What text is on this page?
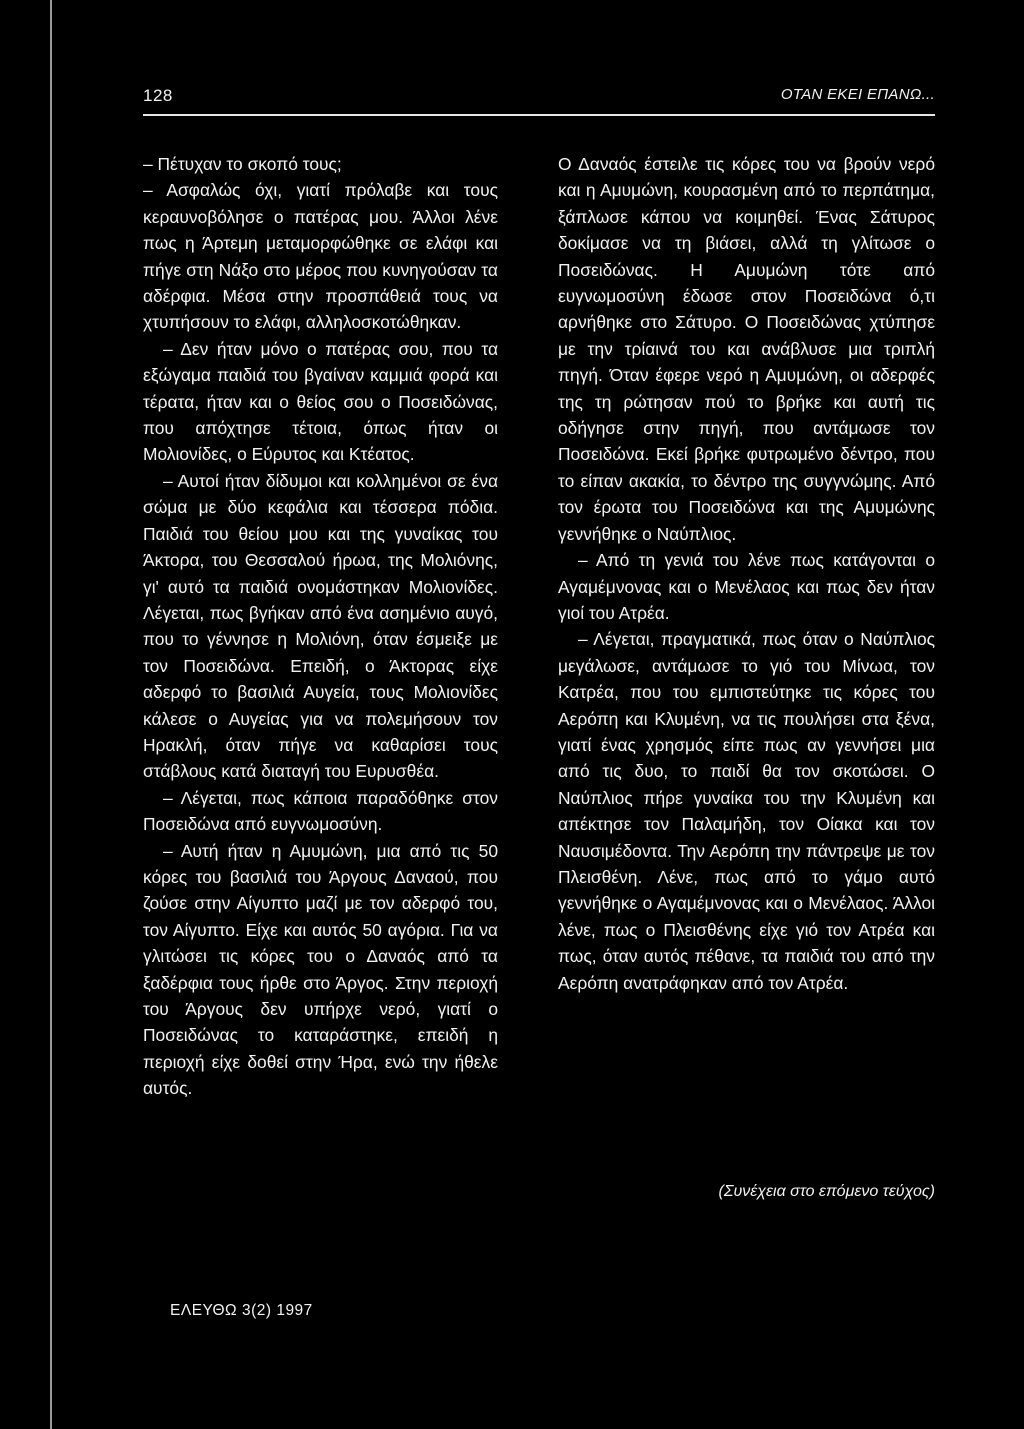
128	ΟΤΑΝ ΕΚΕΙ ΕΠΑΝΩ...

– Πέτυχαν το σκοπό τους;

– Ασφαλώς όχι, γιατί πρόλαβε και τους κεραυνοβόλησε ο πατέρας μου. Άλλοι λένε πως η Άρτεμη μεταμορφώθηκε σε ελάφι και πήγε στη Νάξο στο μέρος που κυνηγούσαν τα αδέρφια. Μέσα στην προσπάθειά τους να χτυπήσουν το ελάφι, αλληλοσκοτώθηκαν.

– Δεν ήταν μόνο ο πατέρας σου, που τα εξώγαμα παιδιά του βγαίναν καμμιά φορά και τέρατα, ήταν και ο θείος σου ο Ποσειδώνας, που απόχτησε τέτοια, όπως ήταν οι Μολιονίδες, ο Εύρυτος και Κτέατος.

– Αυτοί ήταν δίδυμοι και κολλημένοι σε ένα σώμα με δύο κεφάλια και τέσσερα πόδια. Παιδιά του θείου μου και της γυναίκας του Άκτορα, του Θεσσαλού ήρωα, της Μολιόνης, γι' αυτό τα παιδιά ονομάστηκαν Μολιονίδες. Λέγεται, πως βγήκαν από ένα ασημένιο αυγό, που το γέννησε η Μολιόνη, όταν έσμειξε με τον Ποσειδώνα. Επειδή, ο Άκτορας είχε αδερφό το βασιλιά Αυγεία, τους Μολιονίδες κάλεσε ο Αυγείας για να πολεμήσουν τον Ηρακλή, όταν πήγε να καθαρίσει τους στάβλους κατά διαταγή του Ευρυσθέα.

– Λέγεται, πως κάποια παραδόθηκε στον Ποσειδώνα από ευγνωμοσύνη.

– Αυτή ήταν η Αμυμώνη, μια από τις 50 κόρες του βασιλιά του Άργους Δαναού, που ζούσε στην Αίγυπτο μαζί με τον αδερφό του, τον Αίγυπτο. Είχε και αυτός 50 αγόρια. Για να γλιτώσει τις κόρες του ο Δαναός από τα ξαδέρφια τους ήρθε στο Άργος. Στην περιοχή του Άργους δεν υπήρχε νερό, γιατί ο Ποσειδώνας το καταράστηκε, επειδή η περιοχή είχε δοθεί στην Ήρα, ενώ την ήθελε αυτός.

Ο Δαναός έστειλε τις κόρες του να βρούν νερό και η Αμυμώνη, κουρασμένη από το περπάτημα, ξάπλωσε κάπου να κοιμηθεί. Ένας Σάτυρος δοκίμασε να τη βιάσει, αλλά τη γλίτωσε ο Ποσειδώνας. Η Αμυμώνη τότε από ευγνωμοσύνη έδωσε στον Ποσειδώνα ό,τι αρνήθηκε στο Σάτυρο. Ο Ποσειδώνας χτύπησε με την τρίαινά του και ανάβλυσε μια τριπλή πηγή. Όταν έφερε νερό η Αμυμώνη, οι αδερφές της τη ρώτησαν πού το βρήκε και αυτή τις οδήγησε στην πηγή, που αντάμωσε τον Ποσειδώνα. Εκεί βρήκε φυτρωμένο δέντρο, που το είπαν ακακία, το δέντρο της συγγνώμης. Από τον έρωτα του Ποσειδώνα και της Αμυμώνης γεννήθηκε ο Ναύπλιος.

– Από τη γενιά του λένε πως κατάγονται ο Αγαμέμνονας και ο Μενέλαος και πως δεν ήταν γιοί του Ατρέα.

– Λέγεται, πραγματικά, πως όταν ο Ναύπλιος μεγάλωσε, αντάμωσε το γιό του Μίνωα, τον Κατρέα, που του εμπιστεύτηκε τις κόρες του Αερόπη και Κλυμένη, να τις πουλήσει στα ξένα, γιατί ένας χρησμός είπε πως αν γεννήσει μια από τις δυο, το παιδί θα τον σκοτώσει. Ο Ναύπλιος πήρε γυναίκα του την Κλυμένη και απέκτησε τον Παλαμήδη, τον Οίακα και τον Ναυσιμέδοντα. Την Αερόπη την πάντρεψε με τον Πλεισθένη. Λένε, πως από το γάμο αυτό γεννήθηκε ο Αγαμέμνονας και ο Μενέλαος. Άλλοι λένε, πως ο Πλεισθένης είχε γιό τον Ατρέα και πως, όταν αυτός πέθανε, τα παιδιά του από την Αερόπη ανατράφηκαν από τον Ατρέα.

(Συνέχεια στο επόμενο τεύχος)
ΕΛΕΥΘΩ 3(2) 1997
